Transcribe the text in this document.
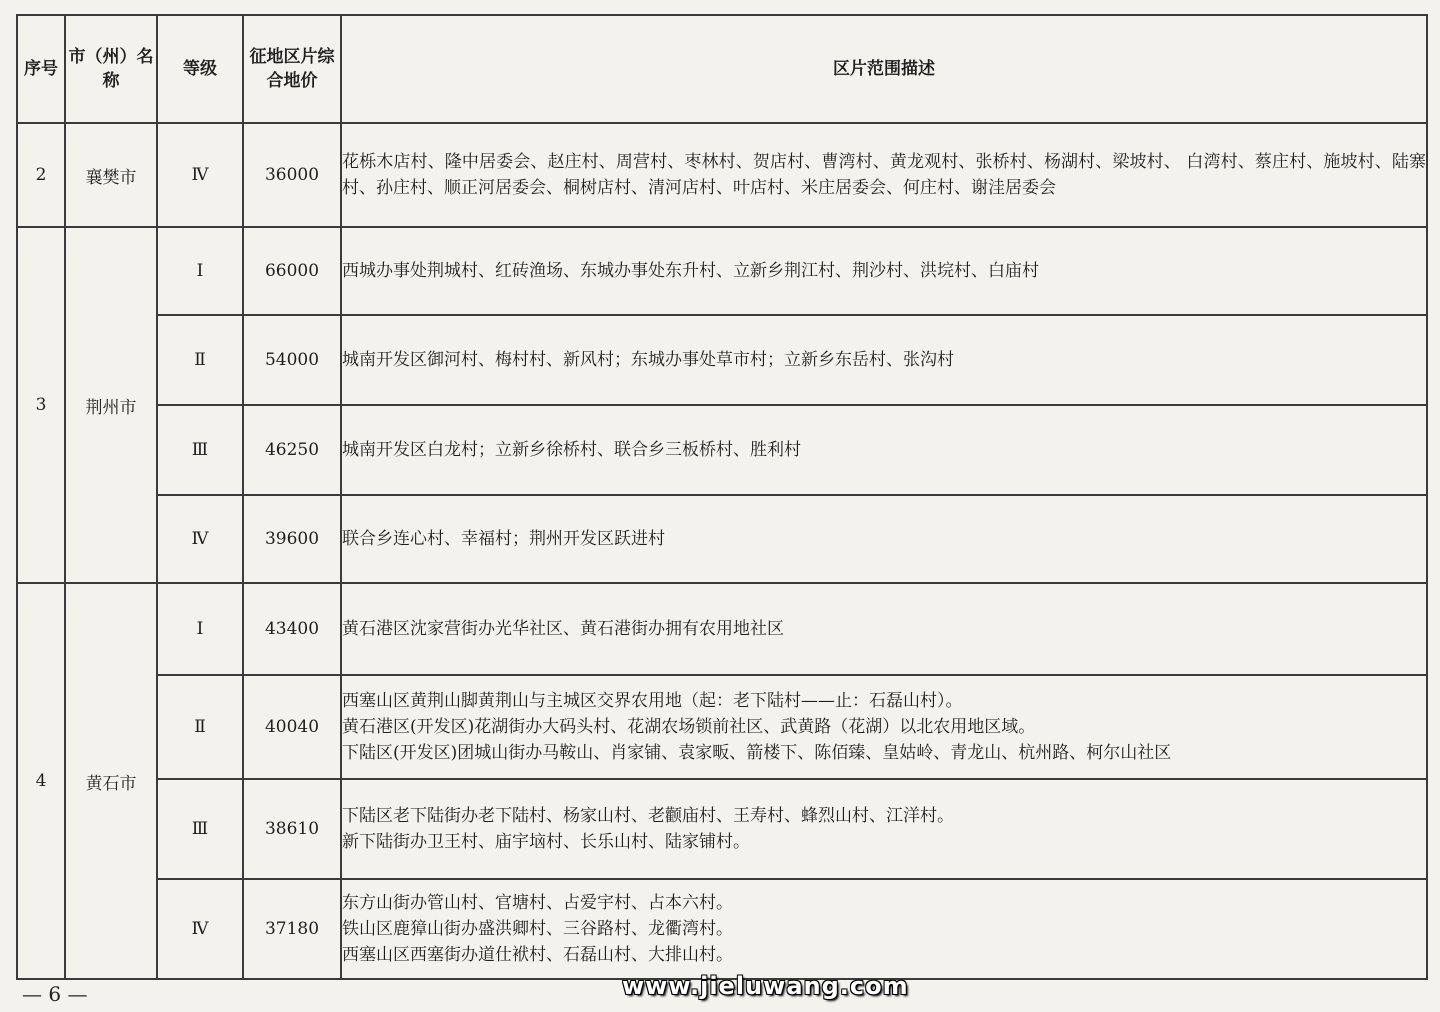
序号	市（州）名称	等级	征地区片综合地价	区片范围描述
2	襄樊市	Ⅳ	36000	花栎木店村、隆中居委会、赵庄村、周营村、枣林村、贺店村、曹湾村、黄龙观村、张桥村、杨湖村、梁坡村、 白湾村、蔡庄村、施坡村、陆寨村、孙庄村、顺正河居委会、桐树店村、清河店村、叶店村、米庄居委会、何庄村、谢洼居委会

3	荆州市	Ⅰ	66000	西城办事处荆城村、红砖渔场、东城办事处东升村、立新乡荆江村、荆沙村、洪垸村、白庙村

		Ⅱ	54000	城南开发区御河村、梅村村、新风村；东城办事处草市村；立新乡东岳村、张沟村

		Ⅲ	46250	城南开发区白龙村；立新乡徐桥村、联合乡三板桥村、胜利村

		Ⅳ	39600	联合乡连心村、幸福村；荆州开发区跃进村

4	黄石市	Ⅰ	43400	黄石港区沈家营街办光华社区、黄石港街办拥有农用地社区

		Ⅱ	40040	西塞山区黄荆山脚黄荆山与主城区交界农用地（起：老下陆村——止：石磊山村）。
黄石港区(开发区)花湖街办大码头村、花湖农场锁前社区、武黄路（花湖）以北农用地区域。
下陆区(开发区)团城山街办马鞍山、肖家铺、袁家畈、箭楼下、陈佰臻、皇姑岭、青龙山、杭州路、柯尔山社区

		Ⅲ	38610	下陆区老下陆街办老下陆村、杨家山村、老颧庙村、王寿村、蜂烈山村、江洋村。
新下陆街办卫王村、庙宇垴村、长乐山村、陆家铺村。

		Ⅳ	37180	东方山街办管山村、官塘村、占爱宇村、占本六村。
铁山区鹿獐山街办盛洪卿村、三谷路村、龙衢湾村。
西塞山区西塞街办道仕袱村、石磊山村、大排山村。
— 6 —	www.jieluwang.com
